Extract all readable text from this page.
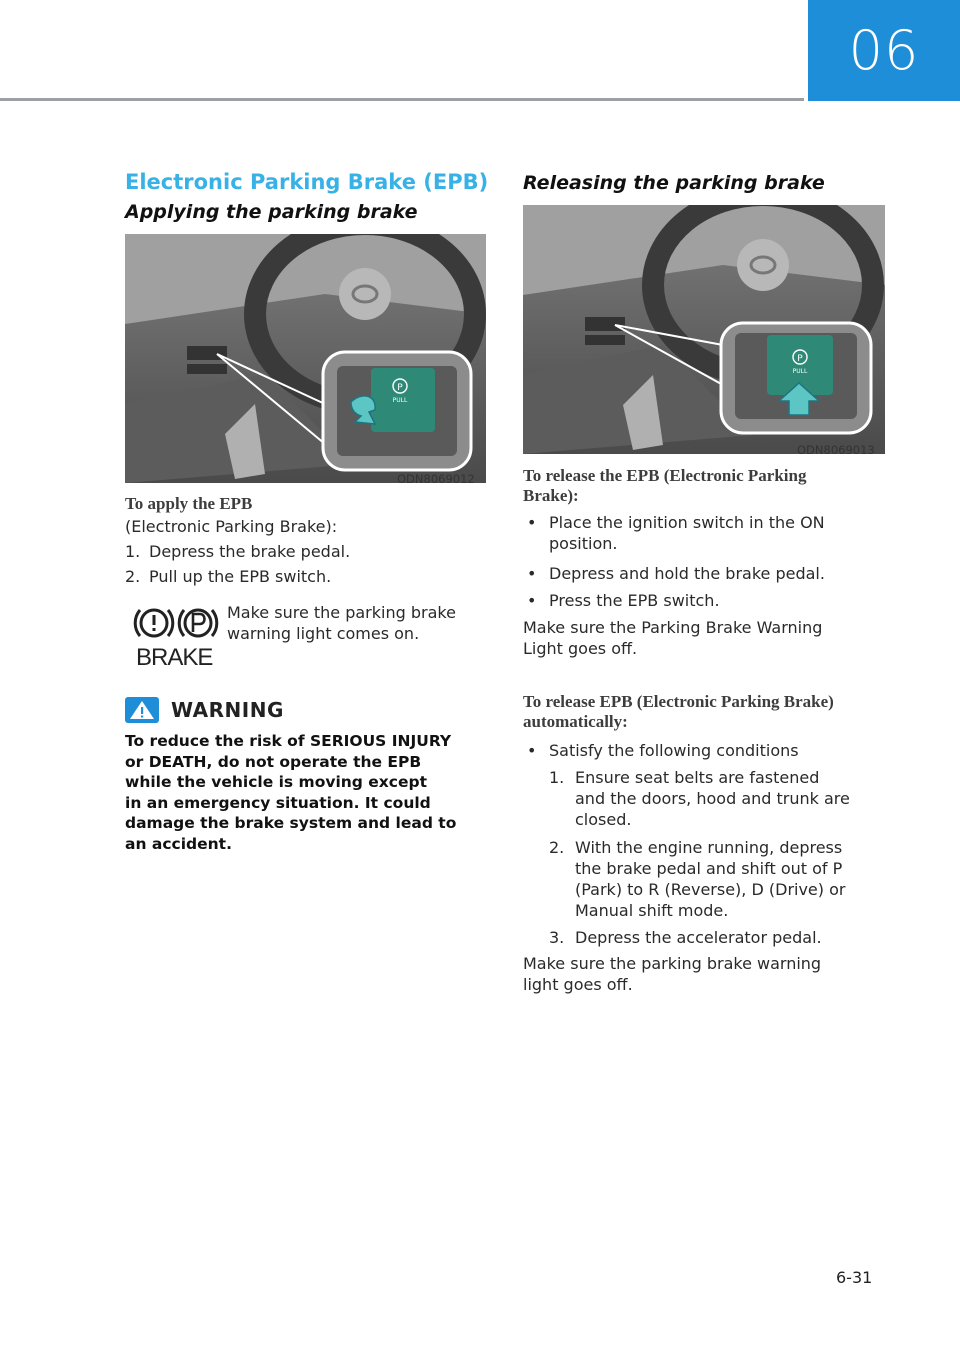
06
Electronic Parking Brake (EPB)
Applying the parking brake
P
PULL
ODN8069012
To apply the EPB
(Electronic Parking Brake):
1. Depress the brake pedal.
2. Pull up the EPB switch.
BRAKE
Make sure the parking brake
warning light comes on.
WARNING
To reduce the risk of SERIOUS INJURY
or DEATH, do not operate the EPB
while the vehicle is moving except
in an emergency situation. It could
damage the brake system and lead to
an accident.
Releasing the parking brake
P
PULL
ODN8069013
To release the EPB (Electronic Parking
Brake):
• Place the ignition switch in the ON
position.
• Depress and hold the brake pedal.
• Press the EPB switch.
Make sure the Parking Brake Warning
Light goes off.
To release EPB (Electronic Parking Brake)
automatically:
• Satisfy the following conditions
1. Ensure seat belts are fastened
and the doors, hood and trunk are
closed.
2. With the engine running, depress
the brake pedal and shift out of P
(Park) to R (Reverse), D (Drive) or
Manual shift mode.
3. Depress the accelerator pedal.
Make sure the parking brake warning
light goes off.
6-31
